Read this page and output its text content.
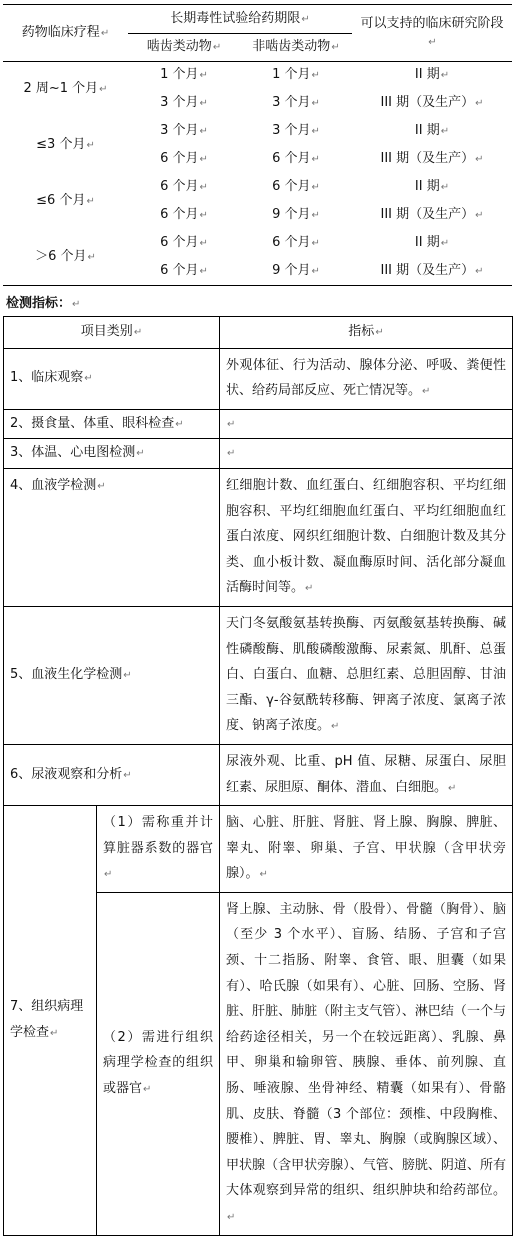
药物临床疗程↵	长期毒性试验给药期限↵		可以支持的临床研究阶段↵
	啮齿类动物↵	非啮齿类动物↵	
2 周~1 个月↵	1 个月↵	1 个月↵	II 期↵
	3 个月↵	3 个月↵	III 期（及生产）↵
≤3 个月↵	3 个月↵	3 个月↵	II 期↵
	6 个月↵	6 个月↵	III 期（及生产）↵
≤6 个月↵	6 个月↵	6 个月↵	II 期↵
	6 个月↵	9 个月↵	III 期（及生产）↵
＞6 个月↵	6 个月↵	6 个月↵	II 期↵
	6 个月↵	9 个月↵	III 期（及生产）↵
检测指标：↵
项目类别↵		指标↵
1、临床观察↵		外观体征、行为活动、腺体分泌、呼吸、粪便性状、给药局部反应、死亡情况等。↵
2、摄食量、体重、眼科检查↵		↵
3、体温、心电图检测↵		↵
4、血液学检测↵		红细胞计数、血红蛋白、红细胞容积、平均红细胞容积、平均红细胞血红蛋白、平均红细胞血红蛋白浓度、网织红细胞计数、白细胞计数及其分类、血小板计数、凝血酶原时间、活化部分凝血活酶时间等。↵
5、血液生化学检测↵		天门冬氨酸氨基转换酶、丙氨酸氨基转换酶、碱性磷酸酶、肌酸磷酸激酶、尿素氮、肌酐、总蛋白、白蛋白、血糖、总胆红素、总胆固醇、甘油三酯、γ-谷氨酰转移酶、钾离子浓度、氯离子浓度、钠离子浓度。↵
6、尿液观察和分析↵		尿液外观、比重、pH 值、尿糖、尿蛋白、尿胆红素、尿胆原、酮体、潜血、白细胞。↵
7、组织病理学检查↵	（1）需称重并计算脏器系数的器官↵	脑、心脏、肝脏、肾脏、肾上腺、胸腺、脾脏、睾丸、附睾、卵巢、子宫、甲状腺（含甲状旁腺）。↵
	（2）需进行组织病理学检查的组织或器官↵	肾上腺、主动脉、骨（股骨）、骨髓（胸骨）、脑（至少 3 个水平）、盲肠、结肠、子宫和子宫颈、十二指肠、附睾、食管、眼、胆囊（如果有）、哈氏腺（如果有）、心脏、回肠、空肠、肾脏、肝脏、肺脏（附主支气管）、淋巴结（一个与给药途径相关，另一个在较远距离）、乳腺、鼻甲、卵巢和输卵管、胰腺、垂体、前列腺、直肠、唾液腺、坐骨神经、精囊（如果有）、骨骼肌、皮肤、脊髓（3 个部位：颈椎、中段胸椎、腰椎）、脾脏、胃、睾丸、胸腺（或胸腺区域）、甲状腺（含甲状旁腺）、气管、膀胱、阴道、所有大体观察到异常的组织、组织肿块和给药部位。↵
